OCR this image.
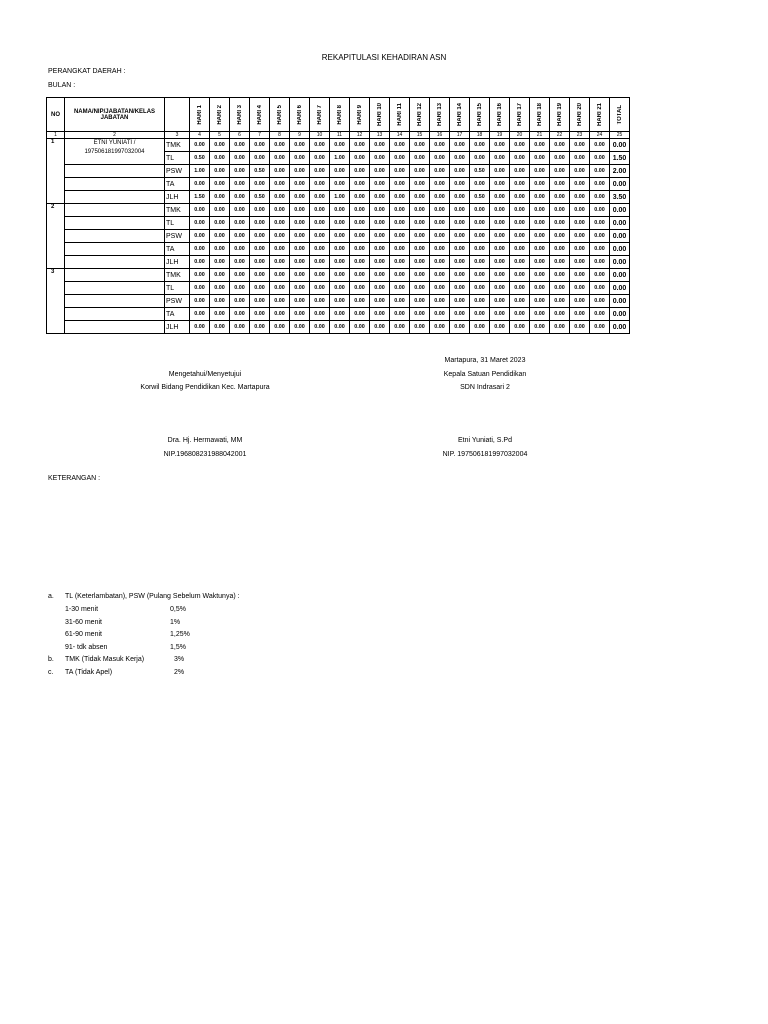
REKAPITULASI KEHADIRAN ASN
PERANGKAT DAERAH :
BULAN :
NO	NAMA/NIP/JABATAN/KELAS JABATAN		HARI 1	HARI 2	HARI 3	HARI 4	HARI 5	HARI 6	HARI 7	HARI 8	HARI 9	HARI 10	HARI 11	HARI 12	HARI 13	HARI 14	HARI 15	HARI 16	HARI 17	HARI 18	HARI 19	HARI 20	HARI 21	TOTAL

1	2	3	4	5	6	7	8	9	10	11	12	13	14	15	16	17	18	19	20	21	22	23	24	25
1	ETNI YUNIATI /
197506181997032004	TMK	0.00	0.00	0.00	0.00	0.00	0.00	0.00	0.00	0.00	0.00	0.00	0.00	0.00	0.00	0.00	0.00	0.00	0.00	0.00	0.00	0.00	0.00
		TL	0.50	0.00	0.00	0.00	0.00	0.00	0.00	1.00	0.00	0.00	0.00	0.00	0.00	0.00	0.00	0.00	0.00	0.00	0.00	0.00	0.00	1.50
		PSW	1.00	0.00	0.00	0.50	0.00	0.00	0.00	0.00	0.00	0.00	0.00	0.00	0.00	0.00	0.50	0.00	0.00	0.00	0.00	0.00	0.00	2.00
		TA	0.00	0.00	0.00	0.00	0.00	0.00	0.00	0.00	0.00	0.00	0.00	0.00	0.00	0.00	0.00	0.00	0.00	0.00	0.00	0.00	0.00	0.00
		JLH	1.50	0.00	0.00	0.50	0.00	0.00	0.00	1.00	0.00	0.00	0.00	0.00	0.00	0.00	0.50	0.00	0.00	0.00	0.00	0.00	0.00	3.50
2		TMK	0.00	0.00	0.00	0.00	0.00	0.00	0.00	0.00	0.00	0.00	0.00	0.00	0.00	0.00	0.00	0.00	0.00	0.00	0.00	0.00	0.00	0.00
		TL	0.00	0.00	0.00	0.00	0.00	0.00	0.00	0.00	0.00	0.00	0.00	0.00	0.00	0.00	0.00	0.00	0.00	0.00	0.00	0.00	0.00	0.00
		PSW	0.00	0.00	0.00	0.00	0.00	0.00	0.00	0.00	0.00	0.00	0.00	0.00	0.00	0.00	0.00	0.00	0.00	0.00	0.00	0.00	0.00	0.00
		TA	0.00	0.00	0.00	0.00	0.00	0.00	0.00	0.00	0.00	0.00	0.00	0.00	0.00	0.00	0.00	0.00	0.00	0.00	0.00	0.00	0.00	0.00
		JLH	0.00	0.00	0.00	0.00	0.00	0.00	0.00	0.00	0.00	0.00	0.00	0.00	0.00	0.00	0.00	0.00	0.00	0.00	0.00	0.00	0.00	0.00
3		TMK	0.00	0.00	0.00	0.00	0.00	0.00	0.00	0.00	0.00	0.00	0.00	0.00	0.00	0.00	0.00	0.00	0.00	0.00	0.00	0.00	0.00	0.00
		TL	0.00	0.00	0.00	0.00	0.00	0.00	0.00	0.00	0.00	0.00	0.00	0.00	0.00	0.00	0.00	0.00	0.00	0.00	0.00	0.00	0.00	0.00
		PSW	0.00	0.00	0.00	0.00	0.00	0.00	0.00	0.00	0.00	0.00	0.00	0.00	0.00	0.00	0.00	0.00	0.00	0.00	0.00	0.00	0.00	0.00
		TA	0.00	0.00	0.00	0.00	0.00	0.00	0.00	0.00	0.00	0.00	0.00	0.00	0.00	0.00	0.00	0.00	0.00	0.00	0.00	0.00	0.00	0.00
		JLH	0.00	0.00	0.00	0.00	0.00	0.00	0.00	0.00	0.00	0.00	0.00	0.00	0.00	0.00	0.00	0.00	0.00	0.00	0.00	0.00	0.00	0.00
Martapura, 31 Maret 2023
Mengetahui/Menyetujui
Korwil Bidang Pendidikan Kec. Martapura
Kepala Satuan Pendidikan
SDN Indrasari 2
Dra. Hj. Hermawati, MM
NIP.196808231988042001
Etni Yuniati, S.Pd
NIP. 197506181997032004
KETERANGAN :
a. TL (Keterlambatan), PSW (Pulang Sebelum Waktunya) :
1-30 menit	0,5%
31-60 menit	1%
61-90 menit	1,25%
91- tdk absen	1,5%
b. TMK (Tidak Masuk Kerja)	3%
c. TA (Tidak Apel)	2%
